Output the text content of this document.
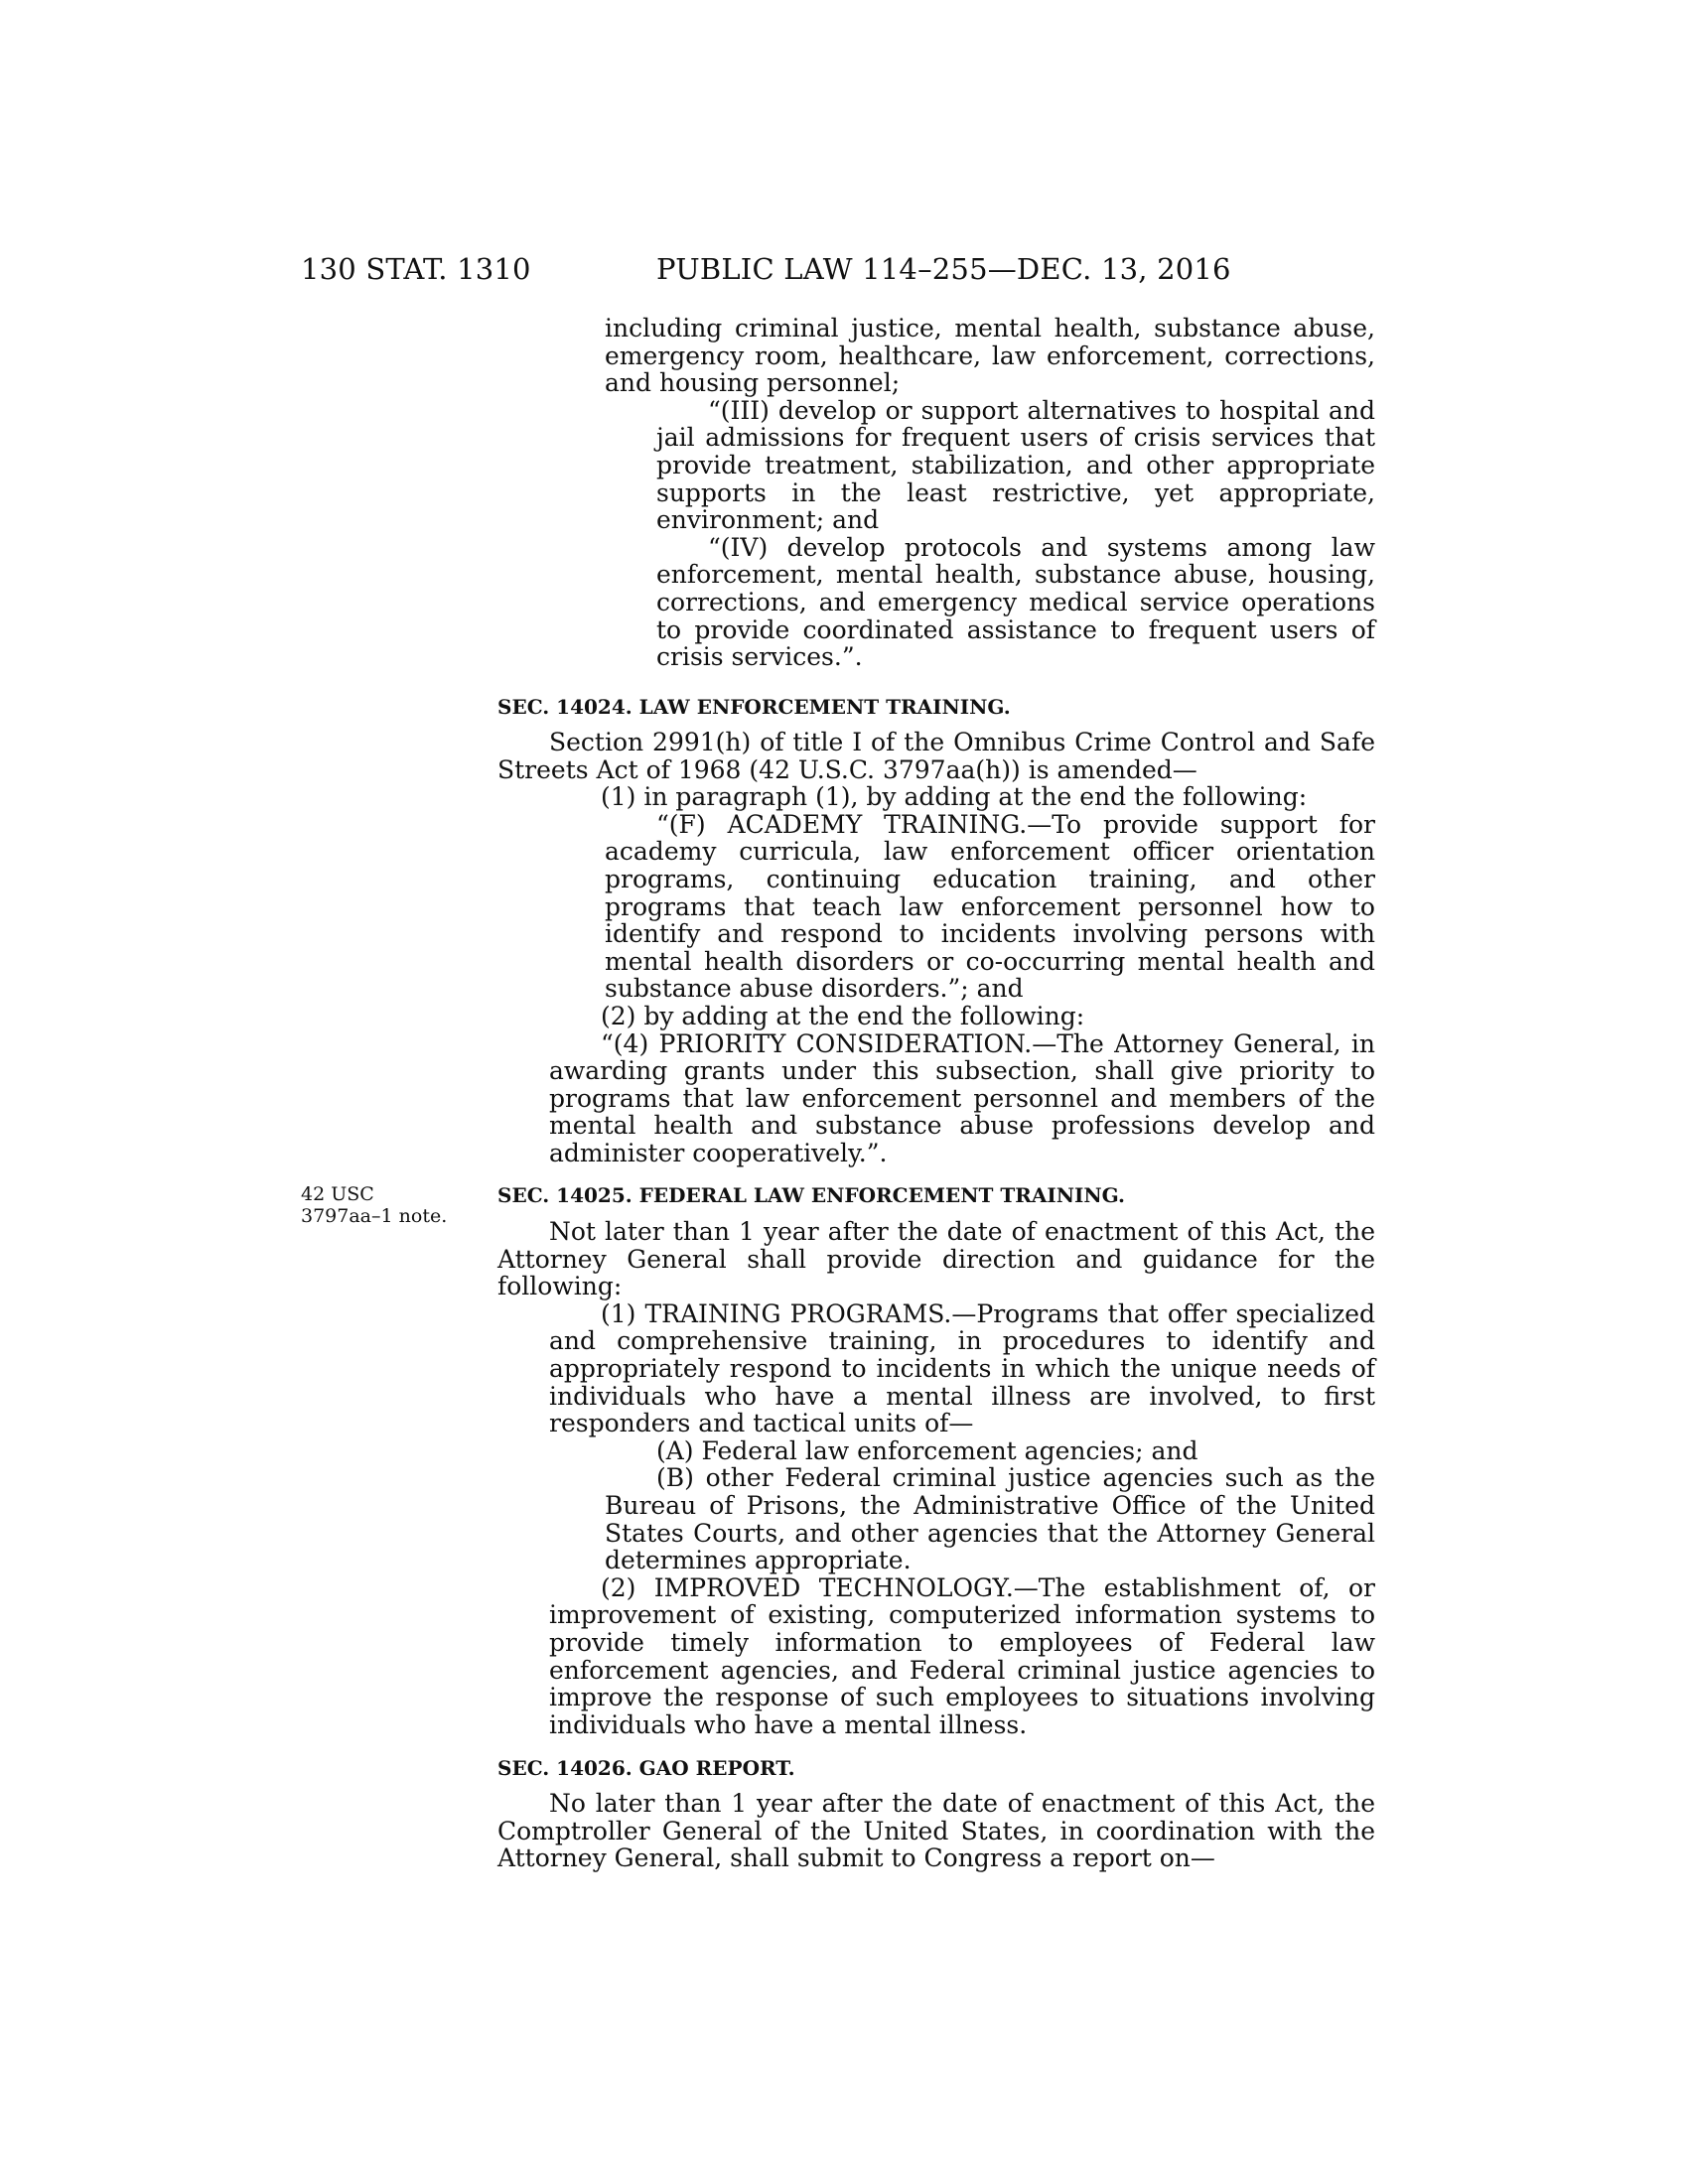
130 STAT. 1310	PUBLIC LAW 114–255—DEC. 13, 2016

including criminal justice, mental health, substance abuse, emergency room, healthcare, law enforcement, corrections, and housing personnel;

“(III) develop or support alternatives to hospital and jail admissions for frequent users of crisis services that provide treatment, stabilization, and other appropriate supports in the least restrictive, yet appropriate, environment; and

“(IV) develop protocols and systems among law enforcement, mental health, substance abuse, housing, corrections, and emergency medical service operations to provide coordinated assistance to frequent users of crisis services.”.

SEC. 14024. LAW ENFORCEMENT TRAINING.

Section 2991(h) of title I of the Omnibus Crime Control and Safe Streets Act of 1968 (42 U.S.C. 3797aa(h)) is amended—

(1) in paragraph (1), by adding at the end the following:

“(F) ACADEMY TRAINING.—To provide support for academy curricula, law enforcement officer orientation programs, continuing education training, and other programs that teach law enforcement personnel how to identify and respond to incidents involving persons with mental health disorders or co-occurring mental health and substance abuse disorders.”; and

(2) by adding at the end the following:

“(4) PRIORITY CONSIDERATION.—The Attorney General, in awarding grants under this subsection, shall give priority to programs that law enforcement personnel and members of the mental health and substance abuse professions develop and administer cooperatively.”.

42 USC
3797aa–1 note.
SEC. 14025. FEDERAL LAW ENFORCEMENT TRAINING.

Not later than 1 year after the date of enactment of this Act, the Attorney General shall provide direction and guidance for the following:

(1) TRAINING PROGRAMS.—Programs that offer specialized and comprehensive training, in procedures to identify and appropriately respond to incidents in which the unique needs of individuals who have a mental illness are involved, to first responders and tactical units of—

(A) Federal law enforcement agencies; and

(B) other Federal criminal justice agencies such as the Bureau of Prisons, the Administrative Office of the United States Courts, and other agencies that the Attorney General determines appropriate.

(2) IMPROVED TECHNOLOGY.—The establishment of, or improvement of existing, computerized information systems to provide timely information to employees of Federal law enforcement agencies, and Federal criminal justice agencies to improve the response of such employees to situations involving individuals who have a mental illness.

SEC. 14026. GAO REPORT.

No later than 1 year after the date of enactment of this Act, the Comptroller General of the United States, in coordination with the Attorney General, shall submit to Congress a report on—
